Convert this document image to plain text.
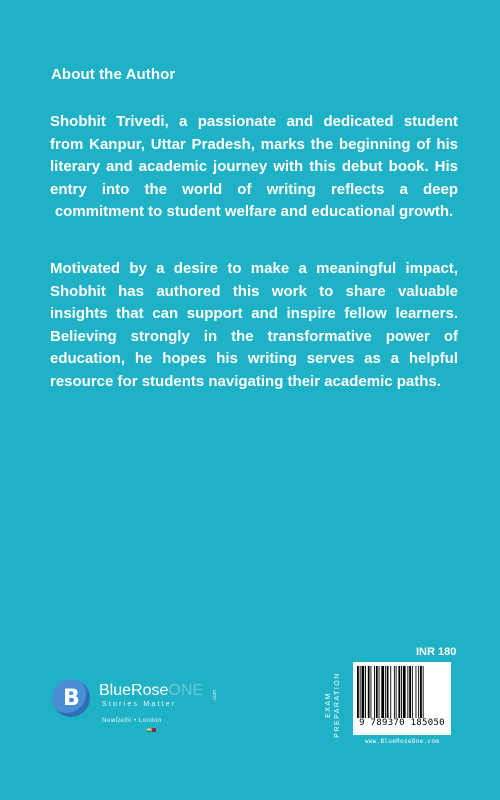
About the Author
Shobhit Trivedi, a passionate and dedicated student from Kanpur, Uttar Pradesh, marks the beginning of his literary and academic journey with this debut book. His entry into the world of writing reflects a deep commitment to student welfare and educational growth.
Motivated by a desire to make a meaningful impact, Shobhit has authored this work to share valuable insights that can support and inspire fellow learners. Believing strongly in the transformative power of education, he hopes his writing serves as a helpful resource for students navigating their academic paths.
B BlueRoseONE .com
Stories Matter
NewDelhi • London
INR 180
EXAM PREPARATION	9 789370 185050
www.BlueRoseOne.com
